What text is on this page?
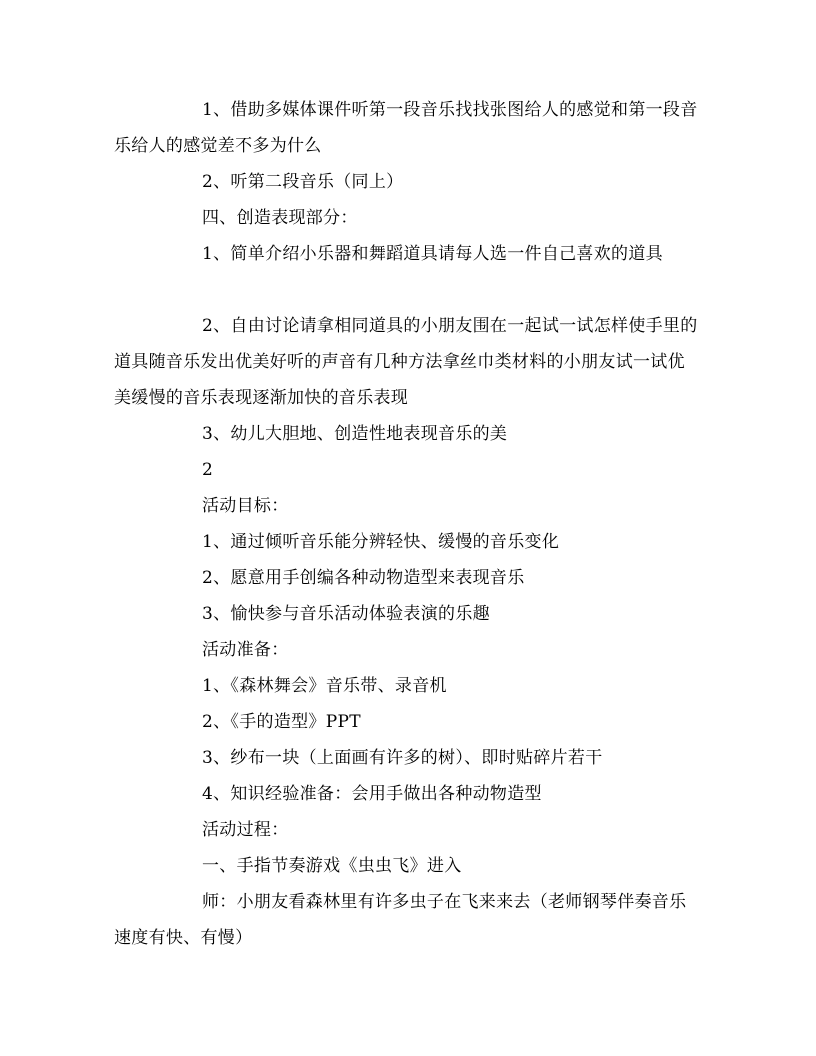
1、借助多媒体课件听第一段音乐找找张图给人的感觉和第一段音乐给人的感觉差不多为什么

2、听第二段音乐（同上）

四、创造表现部分：

1、简单介绍小乐器和舞蹈道具请每人选一件自己喜欢的道具

2、自由讨论请拿相同道具的小朋友围在一起试一试怎样使手里的道具随音乐发出优美好听的声音有几种方法拿丝巾类材料的小朋友试一试优美缓慢的音乐表现逐渐加快的音乐表现

3、幼儿大胆地、创造性地表现音乐的美

2

活动目标：

1、通过倾听音乐能分辨轻快、缓慢的音乐变化

2、愿意用手创编各种动物造型来表现音乐

3、愉快参与音乐活动体验表演的乐趣

活动准备：

1、《森林舞会》音乐带、录音机

2、《手的造型》PPT

3、纱布一块（上面画有许多的树）、即时贴碎片若干

4、知识经验准备：会用手做出各种动物造型

活动过程：

一、手指节奏游戏《虫虫飞》进入

师：小朋友看森林里有许多虫子在飞来来去（老师钢琴伴奏音乐速度有快、有慢）
